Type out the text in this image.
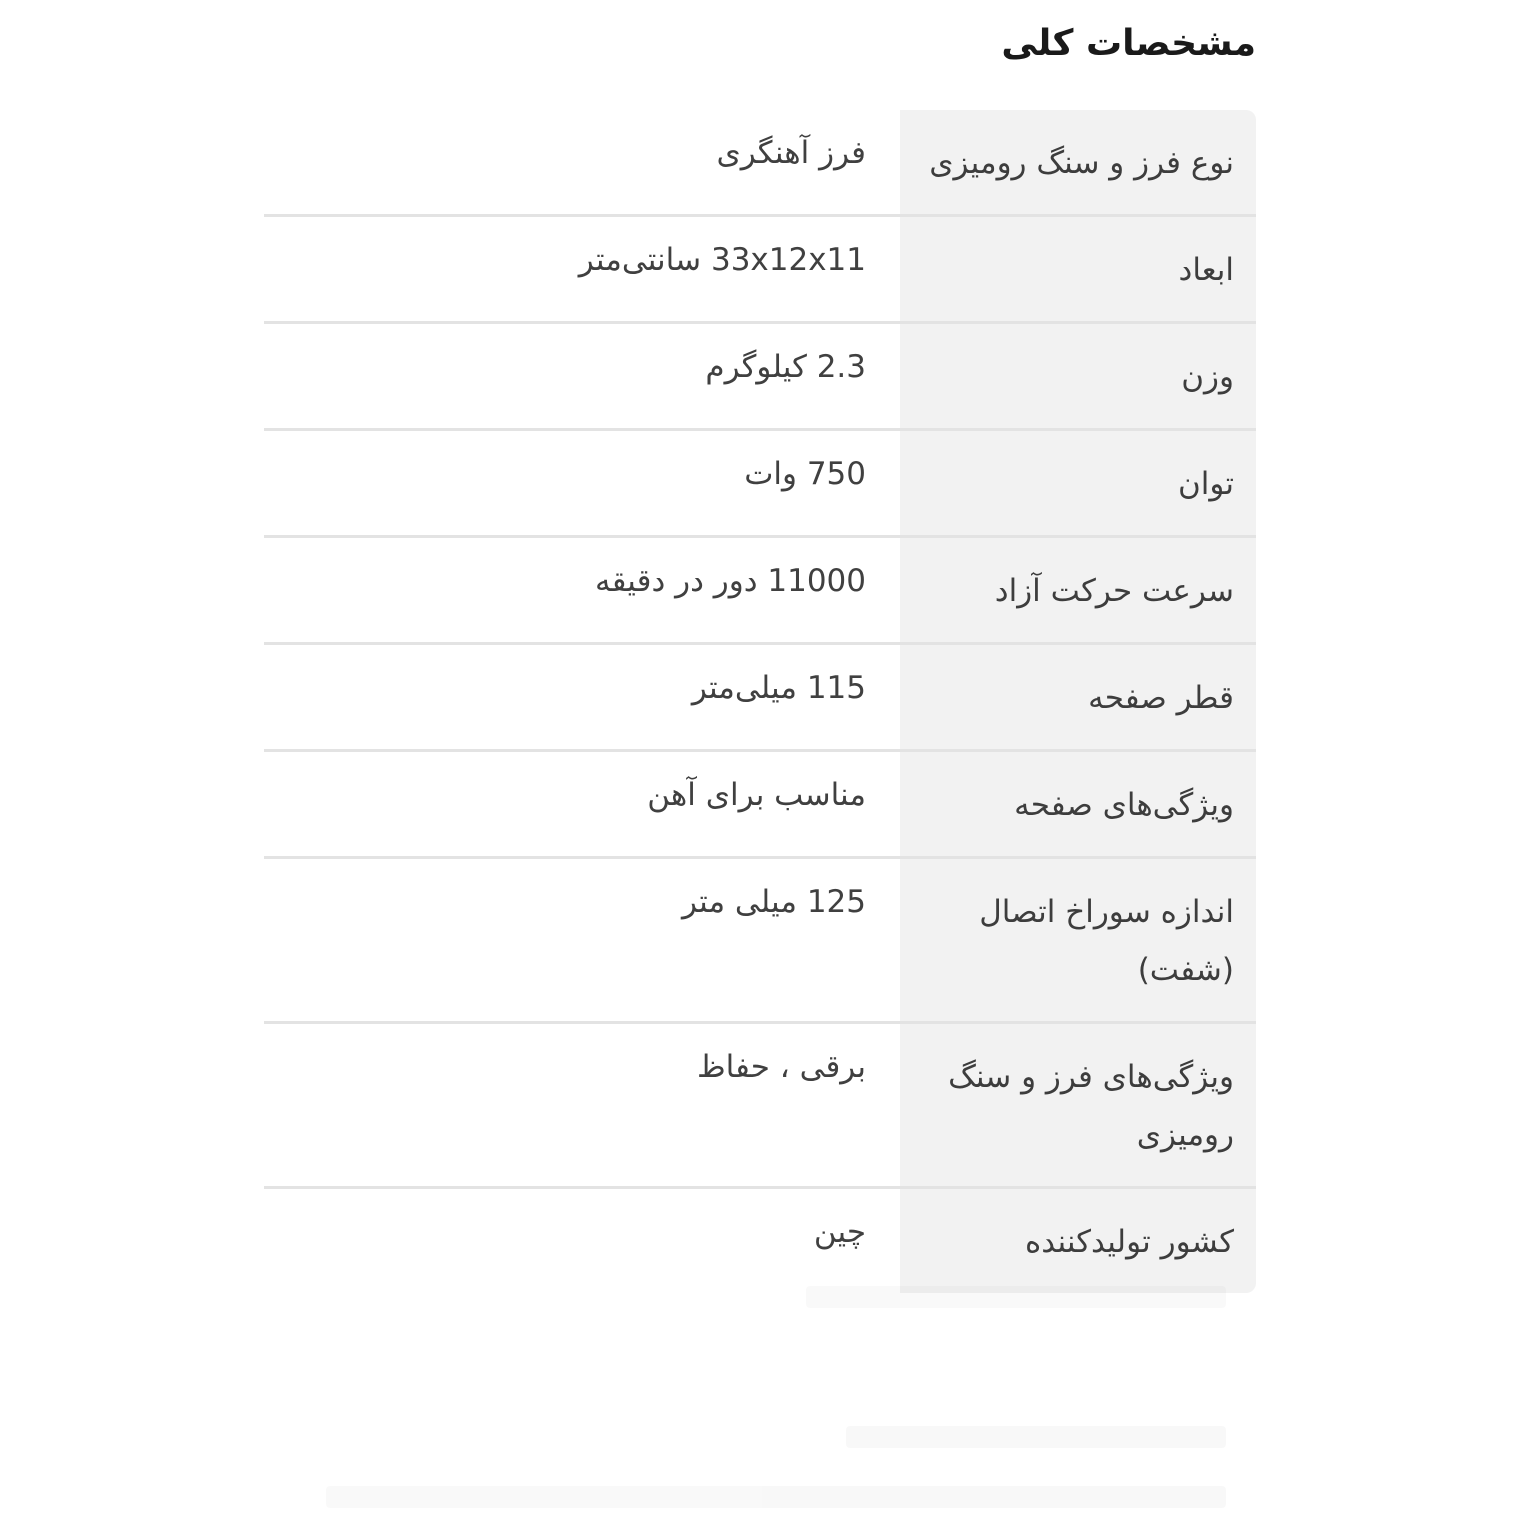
مشخصات کلی
نوع فرز و سنگ رومیزی
فرز آهنگری
ابعاد
33x12x11 سانتی‌متر
وزن
2.3 کیلوگرم
توان
750 وات
سرعت حرکت آزاد
11000 دور در دقیقه
قطر صفحه
115 میلی‌متر
ویژگی‌های صفحه
مناسب برای آهن
اندازه سوراخ اتصال (شفت)
125 میلی متر
ویژگی‌های فرز و سنگ رومیزی
برقی ، حفاظ
کشور تولیدکننده
چین
